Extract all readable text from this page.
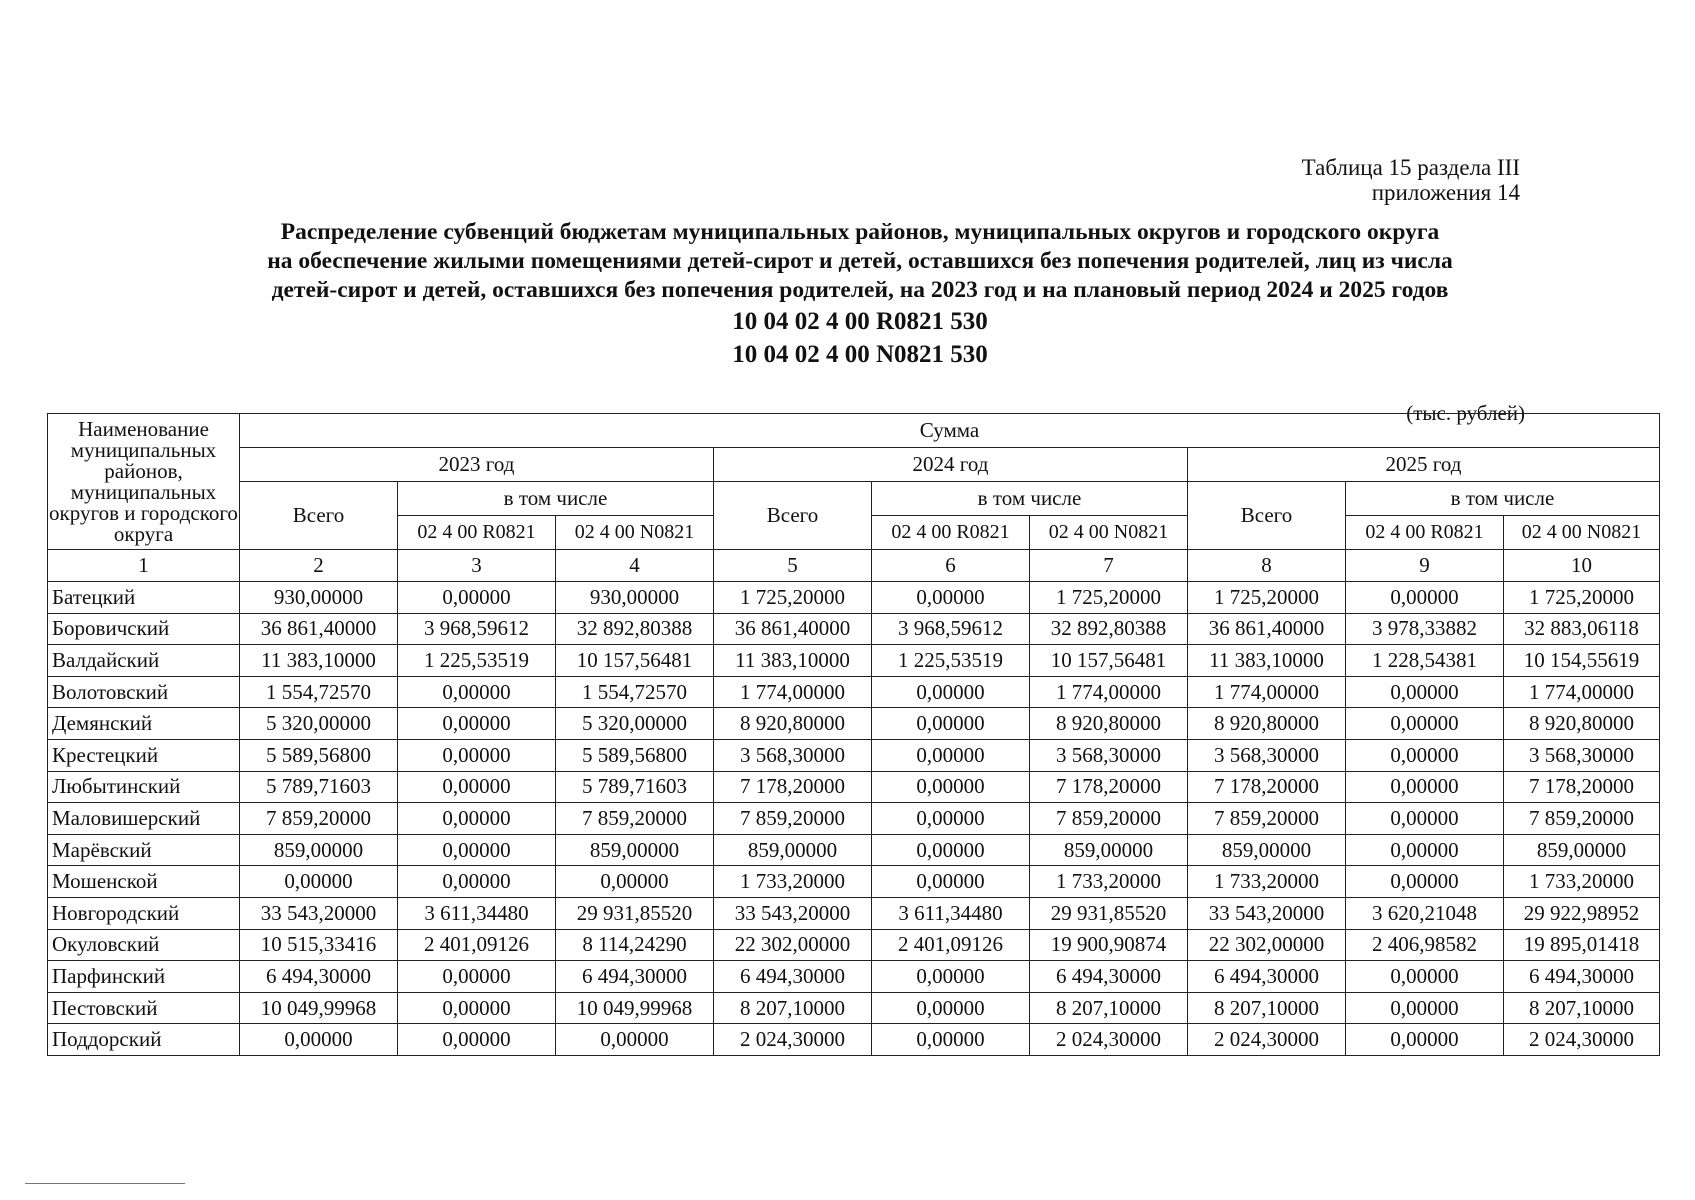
Таблица 15 раздела III
приложения 14
Распределение субвенций бюджетам муниципальных районов, муниципальных округов и городского округа
на обеспечение жилыми помещениями детей-сирот и детей, оставшихся без попечения родителей, лиц из числа
детей-сирот и детей, оставшихся без попечения родителей, на 2023 год и на плановый период 2024 и 2025 годов
10 04 02 4 00 R0821 530
10 04 02 4 00 N0821 530
(тыс. рублей)
Наименование муниципальных районов, муниципальных округов и городского округа	Сумма								
	2023 год			2024 год			2025 год		
	Всего	в том числе		Всего	в том числе		Всего	в том числе	
		02 4 00 R0821	02 4 00 N0821		02 4 00 R0821	02 4 00 N0821		02 4 00 R0821	02 4 00 N0821
1	2	3	4	5	6	7	8	9	10
Батецкий	930,00000	0,00000	930,00000	1 725,20000	0,00000	1 725,20000	1 725,20000	0,00000	1 725,20000
Боровичский	36 861,40000	3 968,59612	32 892,80388	36 861,40000	3 968,59612	32 892,80388	36 861,40000	3 978,33882	32 883,06118
Валдайский	11 383,10000	1 225,53519	10 157,56481	11 383,10000	1 225,53519	10 157,56481	11 383,10000	1 228,54381	10 154,55619
Волотовский	1 554,72570	0,00000	1 554,72570	1 774,00000	0,00000	1 774,00000	1 774,00000	0,00000	1 774,00000
Демянский	5 320,00000	0,00000	5 320,00000	8 920,80000	0,00000	8 920,80000	8 920,80000	0,00000	8 920,80000
Крестецкий	5 589,56800	0,00000	5 589,56800	3 568,30000	0,00000	3 568,30000	3 568,30000	0,00000	3 568,30000
Любытинский	5 789,71603	0,00000	5 789,71603	7 178,20000	0,00000	7 178,20000	7 178,20000	0,00000	7 178,20000
Маловишерский	7 859,20000	0,00000	7 859,20000	7 859,20000	0,00000	7 859,20000	7 859,20000	0,00000	7 859,20000
Марёвский	859,00000	0,00000	859,00000	859,00000	0,00000	859,00000	859,00000	0,00000	859,00000
Мошенской	0,00000	0,00000	0,00000	1 733,20000	0,00000	1 733,20000	1 733,20000	0,00000	1 733,20000
Новгородский	33 543,20000	3 611,34480	29 931,85520	33 543,20000	3 611,34480	29 931,85520	33 543,20000	3 620,21048	29 922,98952
Окуловский	10 515,33416	2 401,09126	8 114,24290	22 302,00000	2 401,09126	19 900,90874	22 302,00000	2 406,98582	19 895,01418
Парфинский	6 494,30000	0,00000	6 494,30000	6 494,30000	0,00000	6 494,30000	6 494,30000	0,00000	6 494,30000
Пестовский	10 049,99968	0,00000	10 049,99968	8 207,10000	0,00000	8 207,10000	8 207,10000	0,00000	8 207,10000
Поддорский	0,00000	0,00000	0,00000	2 024,30000	0,00000	2 024,30000	2 024,30000	0,00000	2 024,30000
